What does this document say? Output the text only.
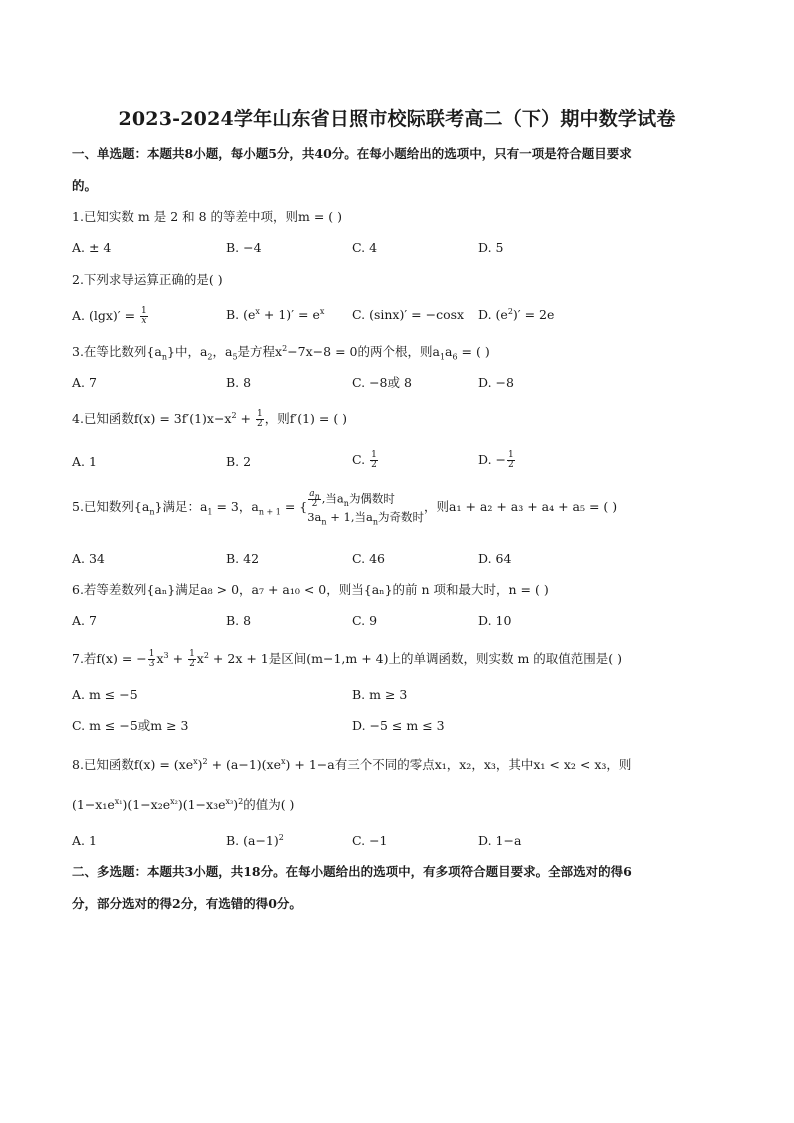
2023-2024学年山东省日照市校际联考高二（下）期中数学试卷
一、单选题：本题共8小题，每小题5分，共40分。在每小题给出的选项中，只有一项是符合题目要求
的。
1.已知实数 m 是 2 和 8 的等差中项，则m = ( )
A. ± 4	B. −4	C. 4	D. 5
2.下列求导运算正确的是( )
A. $(\lg x)' = \frac{1}{x}$	B. $(e^x + 1)' = e^x$ C. (sinx)′ = −cosx D. $(e^2)' = 2e$
3.在等比数列$\{a_n\}$中，$a_2$，$a_5$是方程$x^2-7x-8 = 0$的两个根，则$a_1a_6$ = ( )
A. 7	B. 8	C. −8或 8	D. −8
4.已知函数$f(x) = 3f'(1)x-x^2 + \frac{1}{2}$ ，则f′(1) = ( )
A. 1	B. 2	C. $\frac{1}{2}$	D. − $\frac{1}{2}$
5.已知数列$\{a_n\}$满足：$a_1 = 3$，$a_{n + 1}$ = { $\frac{a_n}{2}$ ,当$a_n$为偶数时
$3a_n + 1$,当$a_n$为奇数时
，则a₁ + a₂ + a₃ + a₄ + a₅ = ( )
A. 34	B. 42	C. 46	D. 64
6.若等差数列{aₙ}满足a₈ > 0，a₇ + a₁₀ < 0，则当{aₙ}的前 n 项和最大时，n = ( )
A. 7	B. 8	C. 9	D. 10
7.若f(x) = − $\frac{1}{3} x^3 + \frac{1}{2} x^2 + 2x + 1$是区间(m−1,m + 4)上的单调函数，则实数 m 的取值范围是( )
A. m ≤ −5	B. m ≥ 3
C. m ≤ −5或m ≥ 3	D. −5 ≤ m ≤ 3
8.已知函数$f(x) = (xe^x)^2 + (a-1)(xe^x) + 1-a$有三个不同的零点x₁，x₂，x₃，其中x₁ < x₂ < x₃，则
$(1-x_1e^{x_1})(1-x_2e^{x_2})(1-x_3e^{x_3})^2$的值为( )
A. 1	B. $(a-1)^2$	C. −1	D. 1−a
二、多选题：本题共3小题，共18分。在每小题给出的选项中，有多项符合题目要求。全部选对的得6
分，部分选对的得2分，有选错的得0分。
